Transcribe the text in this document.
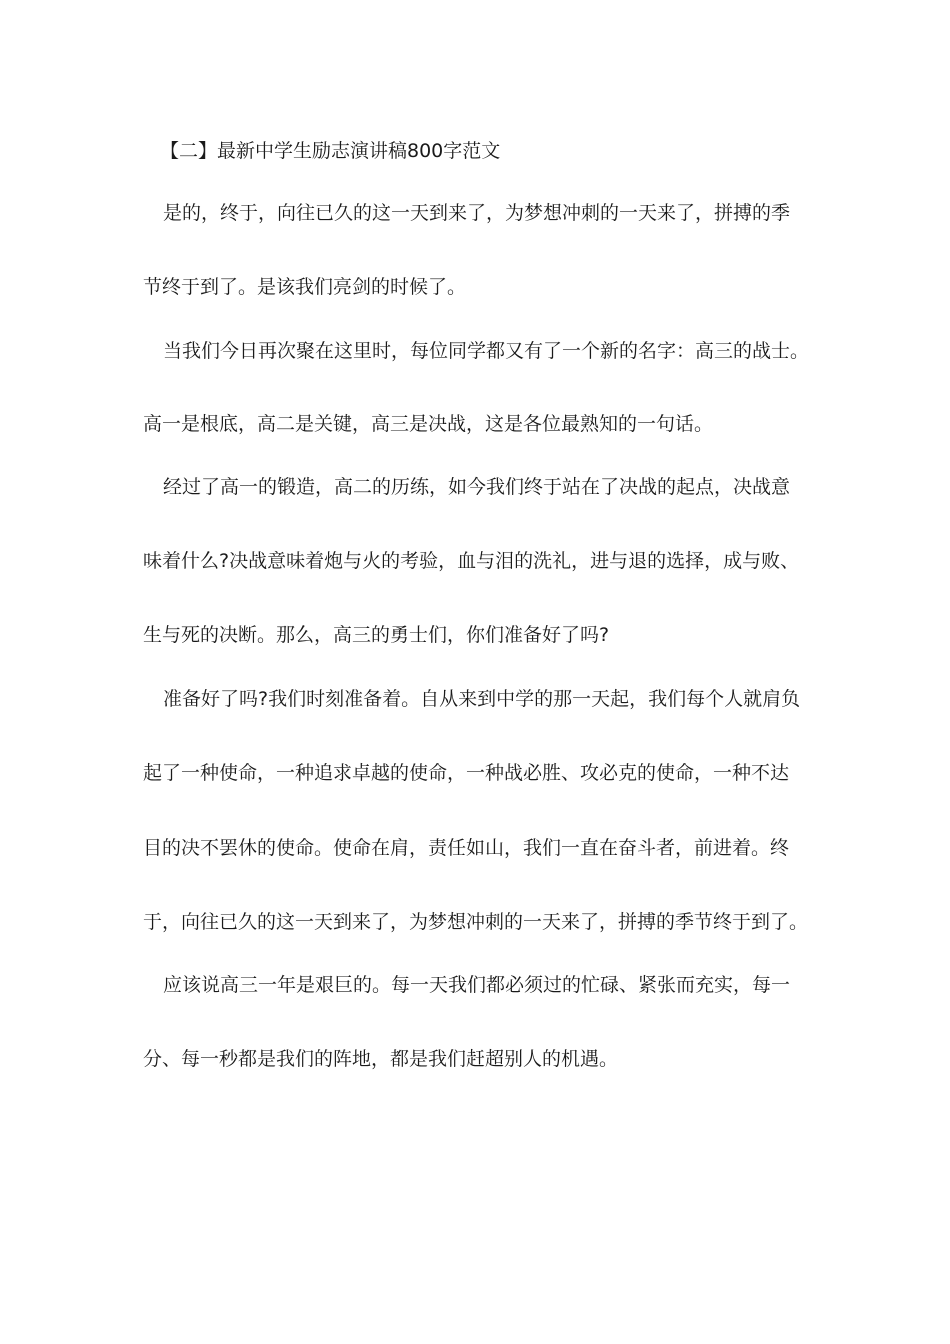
【二】最新中学生励志演讲稿800字范文
是的，终于，向往已久的这一天到来了，为梦想冲刺的一天来了，拼搏的季
节终于到了。是该我们亮剑的时候了。
当我们今日再次聚在这里时，每位同学都又有了一个新的名字：高三的战士。
高一是根底，高二是关键，高三是决战，这是各位最熟知的一句话。
经过了高一的锻造，高二的历练，如今我们终于站在了决战的起点，决战意
味着什么?决战意味着炮与火的考验，血与泪的洗礼，进与退的选择，成与败、
生与死的决断。那么，高三的勇士们，你们准备好了吗?
准备好了吗?我们时刻准备着。自从来到中学的那一天起，我们每个人就肩负
起了一种使命，一种追求卓越的使命，一种战必胜、攻必克的使命，一种不达
目的决不罢休的使命。使命在肩，责任如山，我们一直在奋斗者，前进着。终
于，向往已久的这一天到来了，为梦想冲刺的一天来了，拼搏的季节终于到了。
应该说高三一年是艰巨的。每一天我们都必须过的忙碌、紧张而充实，每一
分、每一秒都是我们的阵地，都是我们赶超别人的机遇。
